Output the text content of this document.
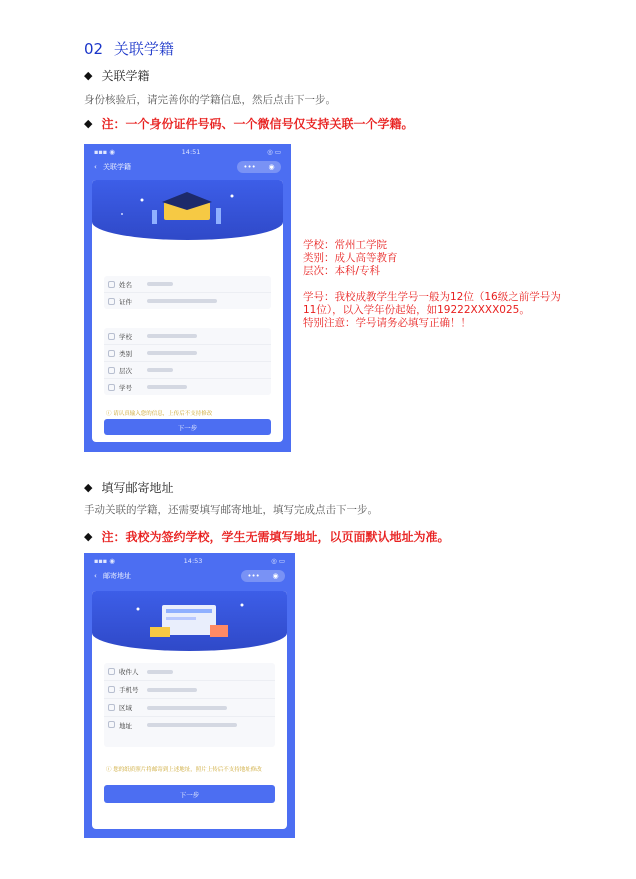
02 关联学籍
◆ 关联学籍
身份核验后，请完善你的学籍信息，然后点击下一步。
◆ 注：一个身份证件号码、一个微信号仅支持关联一个学籍。
▪▪▪ ◉	14:51	◎ ▭
‹ 关联学籍	••• ◉
姓名
证件
学校
类别
层次
学号
ⓘ 请认真输入您的信息，上传后不支持修改
下一步

学校：常州工学院

类别：成人高等教育

层次：本科/专科

学号：我校成教学生学号一般为12位（16级之前学号为

11位），以入学年份起始，如19222XXXX025。

特别注意：学号请务必填写正确！！

◆ 填写邮寄地址
手动关联的学籍，还需要填写邮寄地址，填写完成点击下一步。
◆ 注：我校为签约学校，学生无需填写地址，以页面默认地址为准。
▪▪▪ ◉	14:53	◎ ▭
‹ 邮寄地址	••• ◉
收件人
手机号
区域
地址
ⓘ 您的纸质照片将邮寄到上述地址，照片上传后不支持地址修改
下一步
